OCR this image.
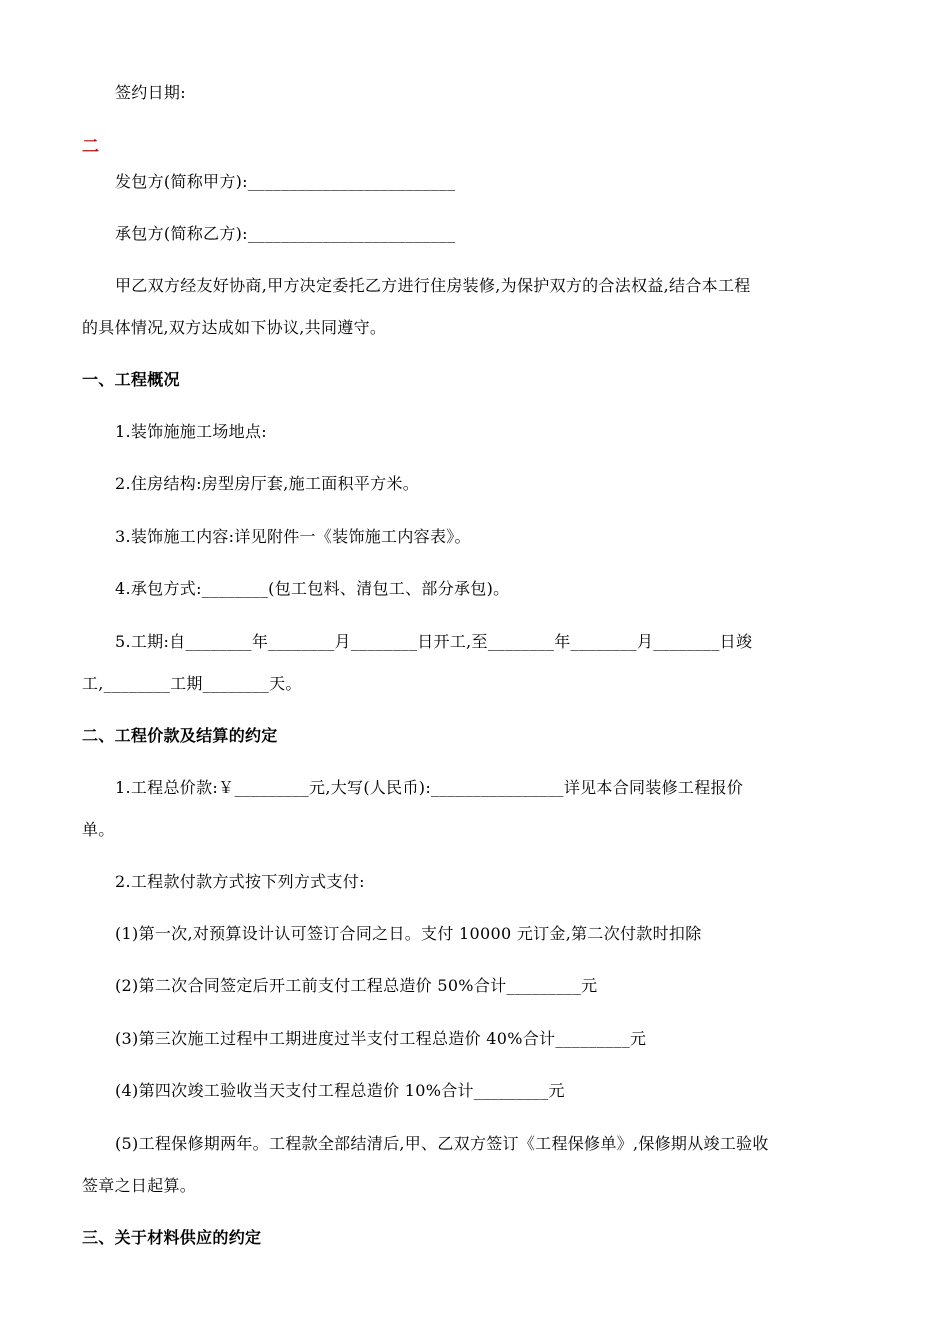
签约日期:
二
发包方(简称甲方):_________________________
承包方(简称乙方):_________________________
甲乙双方经友好协商,甲方决定委托乙方进行住房装修,为保护双方的合法权益,结合本工程
的具体情况,双方达成如下协议,共同遵守。
一、工程概况
1.装饰施施工场地点:
2.住房结构:房型房厅套,施工面积平方米。
3.装饰施工内容:详见附件一《装饰施工内容表》。
4.承包方式:________(包工包料、清包工、部分承包)。
5.工期:自________年________月________日开工,至________年________月________日竣
工,________工期________天。
二、工程价款及结算的约定
1.工程总价款:￥_________元,大写(人民币):________________详见本合同装修工程报价
单。
2.工程款付款方式按下列方式支付:
(1)第一次,对预算设计认可签订合同之日。支付 10000 元订金,第二次付款时扣除
(2)第二次合同签定后开工前支付工程总造价 50%合计_________元
(3)第三次施工过程中工期进度过半支付工程总造价 40%合计_________元
(4)第四次竣工验收当天支付工程总造价 10%合计_________元
(5)工程保修期两年。工程款全部结清后,甲、乙双方签订《工程保修单》,保修期从竣工验收
签章之日起算。
三、关于材料供应的约定
